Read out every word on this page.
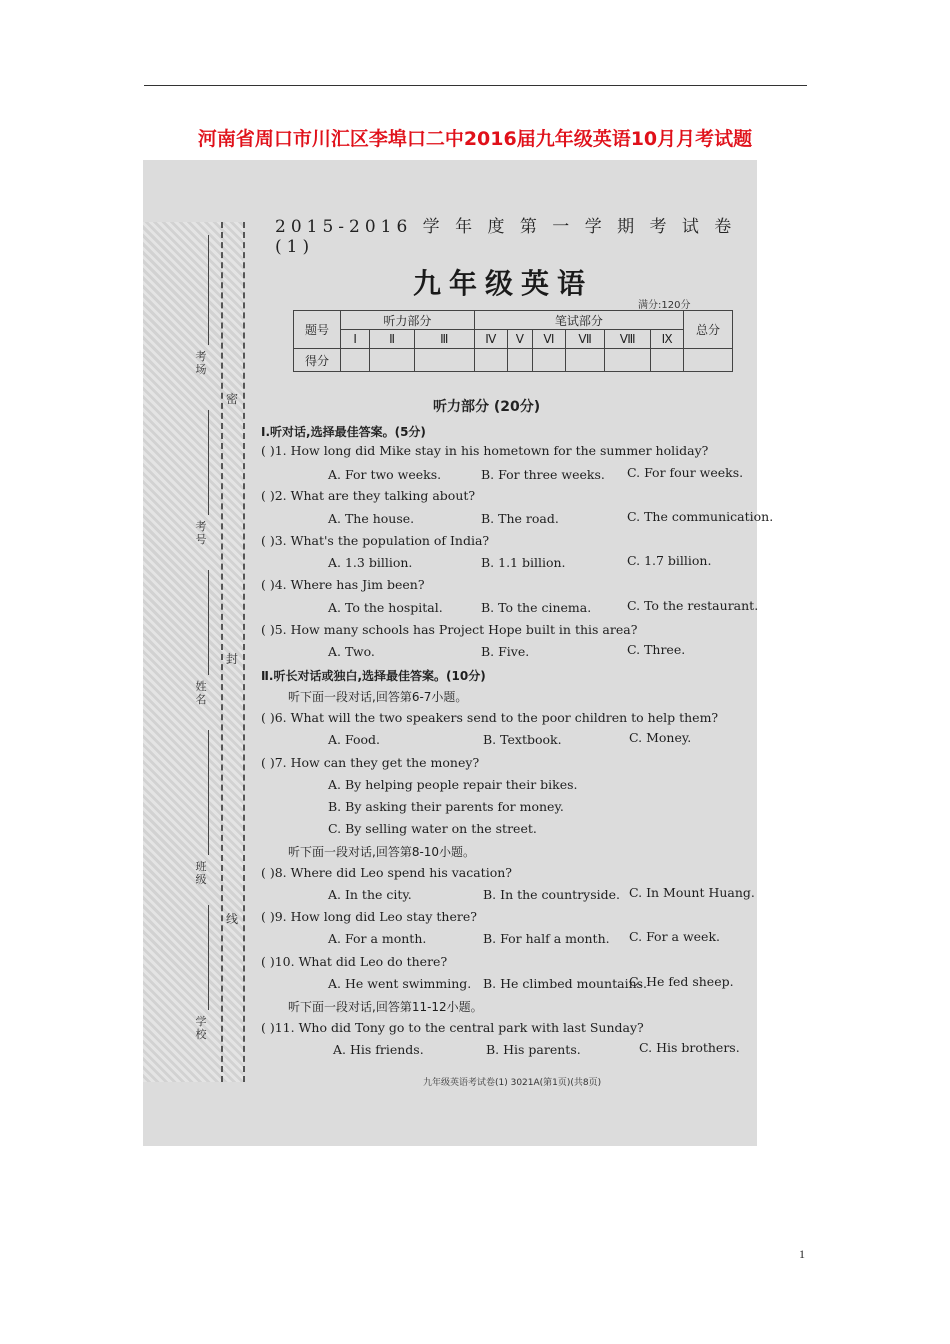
河南省周口市川汇区李埠口二中2016届九年级英语10月月考试题
考场
考号
姓名
班级
学校
密
封
线
2015-2016 学 年 度 第 一 学 期 考 试 卷 (1)
九年级英语
满分:120分
题号	听力部分			笔试部分						总分
	Ⅰ	Ⅱ	Ⅲ	Ⅳ	Ⅴ	Ⅵ	Ⅶ	Ⅷ	Ⅸ	
得分										
听力部分 (20分)
Ⅰ.听对话,选择最佳答案。(5分)
( )1. How long did Mike stay in his hometown for the summer holiday?
A. For two weeks.	B. For three weeks. C. For four weeks.
( )2. What are they talking about?
A. The house.	B. The road.	C. The communication.
( )3. What's the population of India?
A. 1.3 billion.	B. 1.1 billion.	C. 1.7 billion.
( )4. Where has Jim been?
A. To the hospital.	B. To the cinema.	C. To the restaurant.
( )5. How many schools has Project Hope built in this area?
A. Two.	B. Five.	C. Three.
Ⅱ.听长对话或独白,选择最佳答案。(10分)
听下面一段对话,回答第6-7小题。
( )6. What will the two speakers send to the poor children to help them?
A. Food.	B. Textbook.	C. Money.
( )7. How can they get the money?
A. By helping people repair their bikes.
B. By asking their parents for money.
C. By selling water on the street.
听下面一段对话,回答第8-10小题。
( )8. Where did Leo spend his vacation?
A. In the city.	B. In the countryside. C. In Mount Huang.
( )9. How long did Leo stay there?
A. For a month.	B. For half a month. C. For a week.
( )10. What did Leo do there?
A. He went swimming. B. He climbed mountains.
C. He fed sheep.
听下面一段对话,回答第11-12小题。
( )11. Who did Tony go to the central park with last Sunday?
A. His friends.	B. His parents.	C. His brothers.
九年级英语考试卷(1) 3021A(第1页)(共8页)
1
